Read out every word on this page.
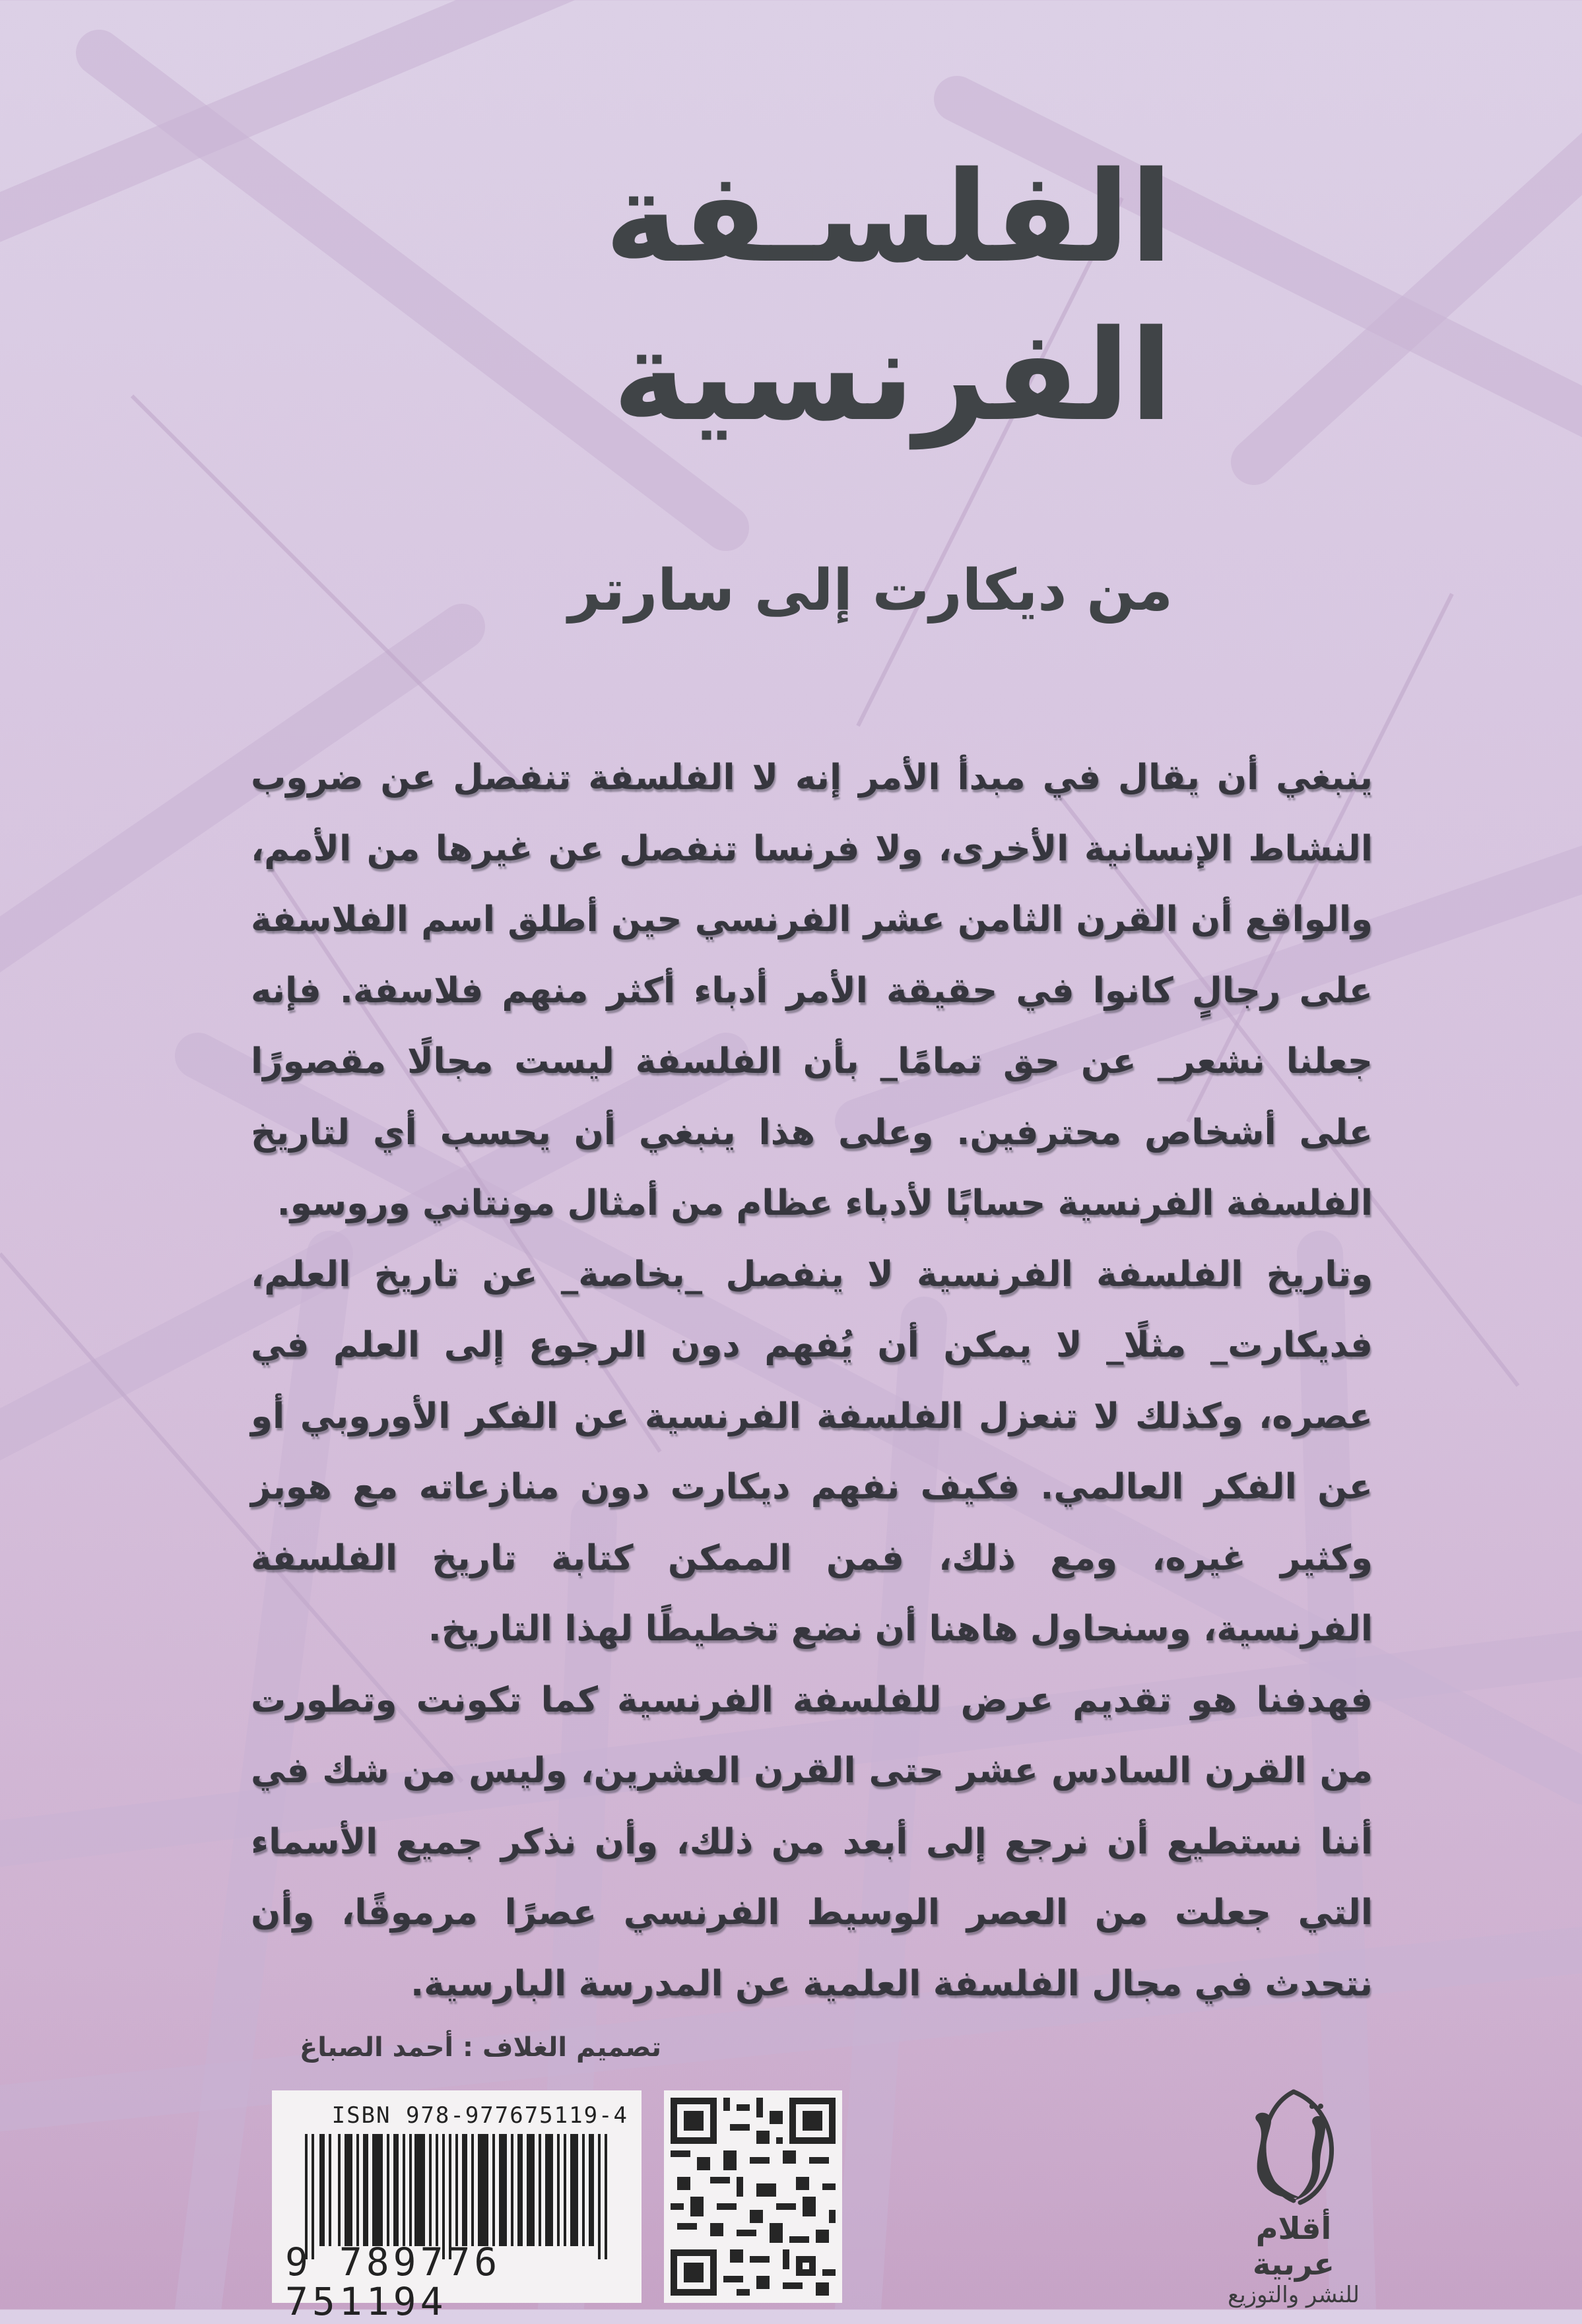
الفلسـفة
الفرنسية
من ديكارت إلى سارتر

ينبغي أن يقال في مبدأ الأمر إنه لا الفلسفة تنفصل عن ضروب النشاط الإنسانية الأخرى، ولا فرنسا تنفصل عن غيرها من الأمم، والواقع أن القرن الثامن عشر الفرنسي حين أطلق اسم الفلاسفة على رجالٍ كانوا في حقيقة الأمر أدباء أكثر منهم فلاسفة. فإنه جعلنا نشعر_ عن حق تمامًا_ بأن الفلسفة ليست مجالًا مقصورًا على أشخاص محترفين. وعلى هذا ينبغي أن يحسب أي لتاريخ الفلسفة الفرنسية حسابًا لأدباء عظام من أمثال مونتاني وروسو.

وتاريخ الفلسفة الفرنسية لا ينفصل _بخاصة_ عن تاريخ العلم، فديكارت_ مثلًا_ لا يمكن أن يُفهم دون الرجوع إلى العلم في عصره، وكذلك لا تنعزل الفلسفة الفرنسية عن الفكر الأوروبي أو عن الفكر العالمي. فكيف نفهم ديكارت دون منازعاته مع هوبز وكثير غيره، ومع ذلك، فمن الممكن كتابة تاريخ الفلسفة الفرنسية، وسنحاول هاهنا أن نضع تخطيطًا لهذا التاريخ.

فهدفنا هو تقديم عرض للفلسفة الفرنسية كما تكونت وتطورت من القرن السادس عشر حتى القرن العشرين، وليس من شك في أننا نستطيع أن نرجع إلى أبعد من ذلك، وأن نذكر جميع الأسماء التي جعلت من العصر الوسيط الفرنسي عصرًا مرموقًا، وأن نتحدث في مجال الفلسفة العلمية عن المدرسة البارسية.

تصميم الغلاف : أحمد الصباغ
ISBN 978-977675119-4
9 789776 751194
أقلام عربية
للنشر والتوزيع
